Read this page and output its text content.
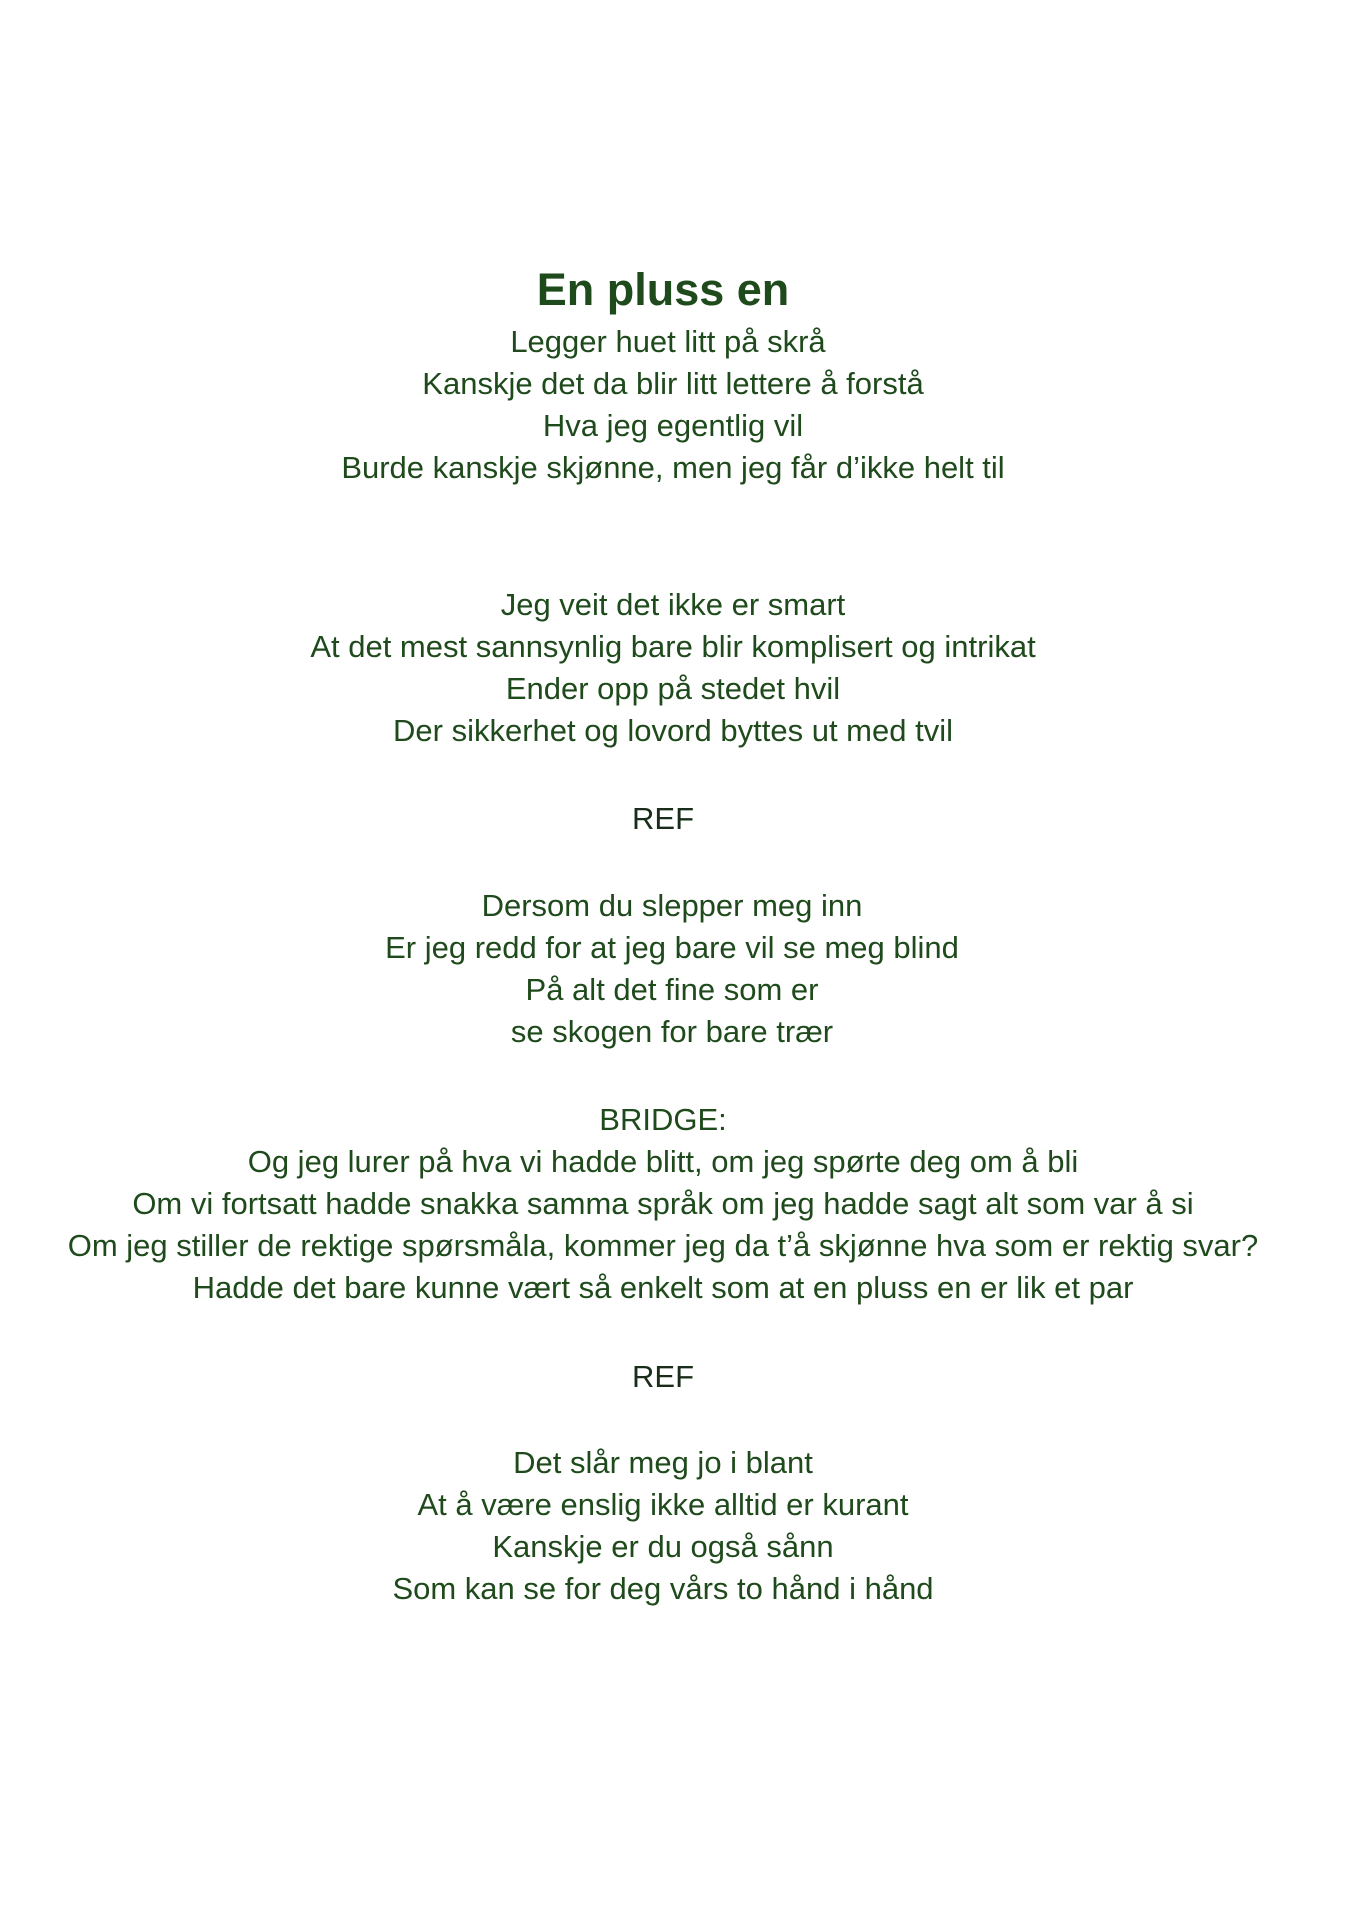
En pluss en
Legger huet litt på skrå
Kanskje det da blir litt lettere å forstå
Hva jeg egentlig vil
Burde kanskje skjønne, men jeg får d’ikke helt til
Jeg veit det ikke er smart
At det mest sannsynlig bare blir komplisert og intrikat
Ender opp på stedet hvil
Der sikkerhet og lovord byttes ut med tvil
REF
Dersom du slepper meg inn
Er jeg redd for at jeg bare vil se meg blind
På alt det fine som er
se skogen for bare trær
BRIDGE:
Og jeg lurer på hva vi hadde blitt, om jeg spørte deg om å bli
Om vi fortsatt hadde snakka samma språk om jeg hadde sagt alt som var å si
Om jeg stiller de rektige spørsmåla, kommer jeg da t’å skjønne hva som er rektig svar?
Hadde det bare kunne vært så enkelt som at en pluss en er lik et par
REF
Det slår meg jo i blant
At å være enslig ikke alltid er kurant
Kanskje er du også sånn
Som kan se for deg vårs to hånd i hånd
